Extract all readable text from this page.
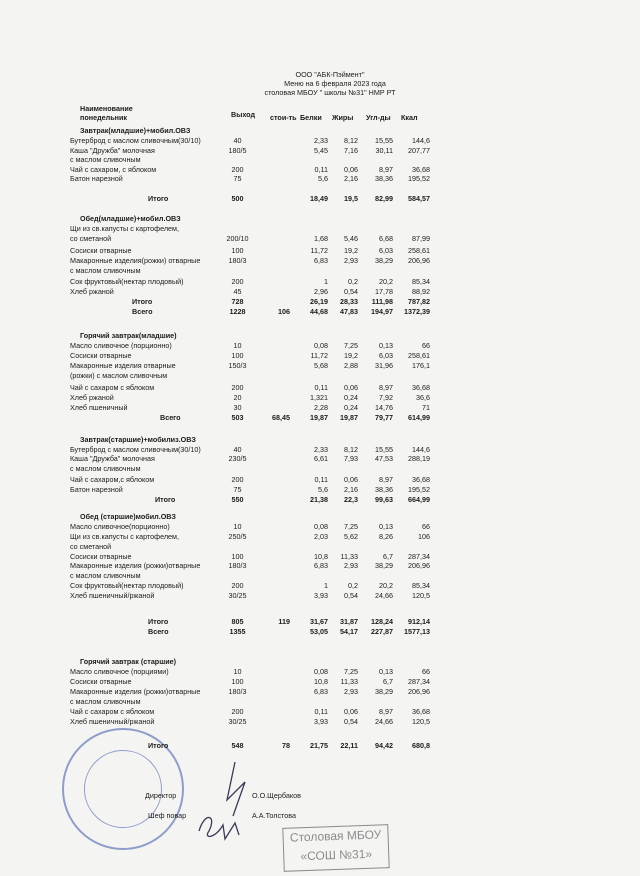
ООО "АБК-Пэймент"
Меню на 6 февраля 2023 года
столовая МБОУ " школы №31" НМР РТ
Наименование
понедельник	Выход стои-ть Белки Жиры Угл-ды Ккал
Директор	О.О.Щербаков
Шеф повар	А.А.Толстова
Столовая МБОУ
«СОШ №31»
Завтрак(младшие)+мобил.ОВЗ
Бутерброд с маслом сливочным(30/10)	40	2,33	8,12	15,55	144,6
Каша "Дружба" молочная	180/5	5,45	7,16	30,11	207,77
с маслом сливочным
Чай с сахаром, с яблоком	200	0,11	0,06	8,97	36,68
Батон нарезной	75	5,6	2,16	38,36	195,52
Итого	500	18,49	19,5	82,99	584,57
Обед(младшие)+мобил.ОВЗ
Щи из св.капусты с картофелем,
со сметаной	200/10	1,68	5,46	6,68	87,99
Сосиски отварные	100	11,72	19,2	6,03	258,61
Макаронные изделия(рожки) отварные	180/3	6,83	2,93	38,29	206,96
с маслом сливочным
Сок фруктовый(нектар плодовый)	200	1	0,2	20,2	85,34
Хлеб ржаной	45	2,96	0,54	17,78	88,92
Итого	728	26,19	28,33	111,98	787,82
Всего	1228	106	44,68	47,83	194,97	1372,39
Горячий завтрак(младшие)
Масло сливочное (порционно)	10	0,08	7,25	0,13	66
Сосиски отварные	100	11,72	19,2	6,03	258,61
Макаронные изделия отварные	150/3	5,68	2,88	31,96	176,1
(рожки) с маслом сливочным
Чай с сахаром с яблоком	200	0,11	0,06	8,97	36,68
Хлеб ржаной	20	1,321	0,24	7,92	36,6
Хлеб пшеничный	30	2,28	0,24	14,76	71
Всего	503	68,45	19,87	19,87	79,77	614,99
Завтрак(старшие)+мобилиз.ОВЗ
Бутерброд с маслом сливочным(30/10)	40	2,33	8,12	15,55	144,6
Каша "Дружба" молочная	230/5	6,61	7,93	47,53	288,19
с маслом сливочным
Чай с сахаром,с яблоком	200	0,11	0,06	8,97	36,68
Батон нарезной	75	5,6	2,16	38,36	195,52
Итого	550	21,38	22,3	99,63	664,99
Обед (старшие)мобил.ОВЗ
Масло сливочное(порционно)	10	0,08	7,25	0,13	66
Щи из св.капусты с картофелем,	250/5	2,03	5,62	8,26	106
со сметаной
Сосиски отварные	100	10,8	11,33	6,7	287,34
Макаронные изделия (рожки)отварные	180/3	6,83	2,93	38,29	206,96
с маслом сливочным
Сок фруктовый(нектар плодовый)	200	1	0,2	20,2	85,34
Хлеб пшеничный/ржаной	30/25	3,93	0,54	24,66	120,5
Итого	805	119	31,67	31,87	128,24	912,14
Всего	1355	53,05	54,17	227,87	1577,13
Горячий завтрак (старшие)
Масло сливочное (порциями)	10	0,08	7,25	0,13	66
Сосиски отварные	100	10,8	11,33	6,7	287,34
Макаронные изделия (рожки)отварные	180/3	6,83	2,93	38,29	206,96
с маслом сливочным
Чай с сахаром с яблоком	200	0,11	0,06	8,97	36,68
Хлеб пшеничный/ржаной	30/25	3,93	0,54	24,66	120,5
Итого	548	78	21,75	22,11	94,42	680,8
